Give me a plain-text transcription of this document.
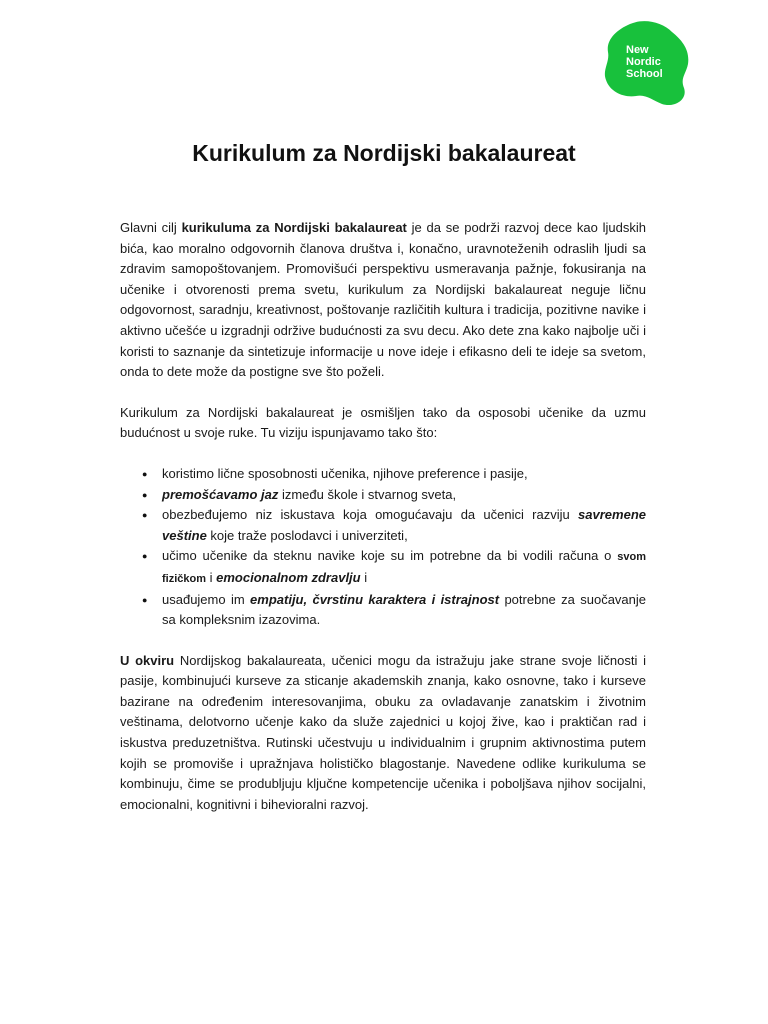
New
Nordic
School
Kurikulum za Nordijski bakalaureat

Glavni cilj kurikuluma za Nordijski bakalaureat je da se podrži razvoj dece kao ljudskih bića, kao moralno odgovornih članova društva i, konačno, uravnoteženih odraslih ljudi sa zdravim samopoštovanjem. Promovišući perspektivu usmeravanja pažnje, fokusiranja na učenike i otvorenosti prema svetu, kurikulum za Nordijski bakalaureat neguje ličnu odgovornost, saradnju, kreativnost, poštovanje različitih kultura i tradicija, pozitivne navike i aktivno učešće u izgradnji održive budućnosti za svu decu. Ako dete zna kako najbolje uči i koristi to saznanje da sintetizuje informacije u nove ideje i efikasno deli te ideje sa svetom, onda to dete može da postigne sve što poželi.

Kurikulum za Nordijski bakalaureat je osmišljen tako da osposobi učenike da uzmu budućnost u svoje ruke. Tu viziju ispunjavamo tako što:

● koristimo lične sposobnosti učenika, njihove preference i pasije,
● premošćavamo jaz između škole i stvarnog sveta,
● obezbeđujemo niz iskustava koja omogućavaju da učenici razviju savremene veštine koje traže poslodavci i univerziteti,
● učimo učenike da steknu navike koje su im potrebne da bi vodili računa o svom fizičkom i emocionalnom zdravlju i
● usađujemo im empatiju, čvrstinu karaktera i istrajnost potrebne za suočavanje sa kompleksnim izazovima.

U okviru Nordijskog bakalaureata, učenici mogu da istražuju jake strane svoje ličnosti i pasije, kombinujući kurseve za sticanje akademskih znanja, kako osnovne, tako i kurseve bazirane na određenim interesovanjima, obuku za ovladavanje zanatskim i životnim veštinama, delotvorno učenje kako da služe zajednici u kojoj žive, kao i praktičan rad i iskustva preduzetništva. Rutinski učestvuju u individualnim i grupnim aktivnostima putem kojih se promoviše i upražnjava holističko blagostanje. Navedene odlike kurikuluma se kombinuju, čime se produbljuju ključne kompetencije učenika i poboljšava njihov socijalni, emocionalni, kognitivni i bihevioralni razvoj.
